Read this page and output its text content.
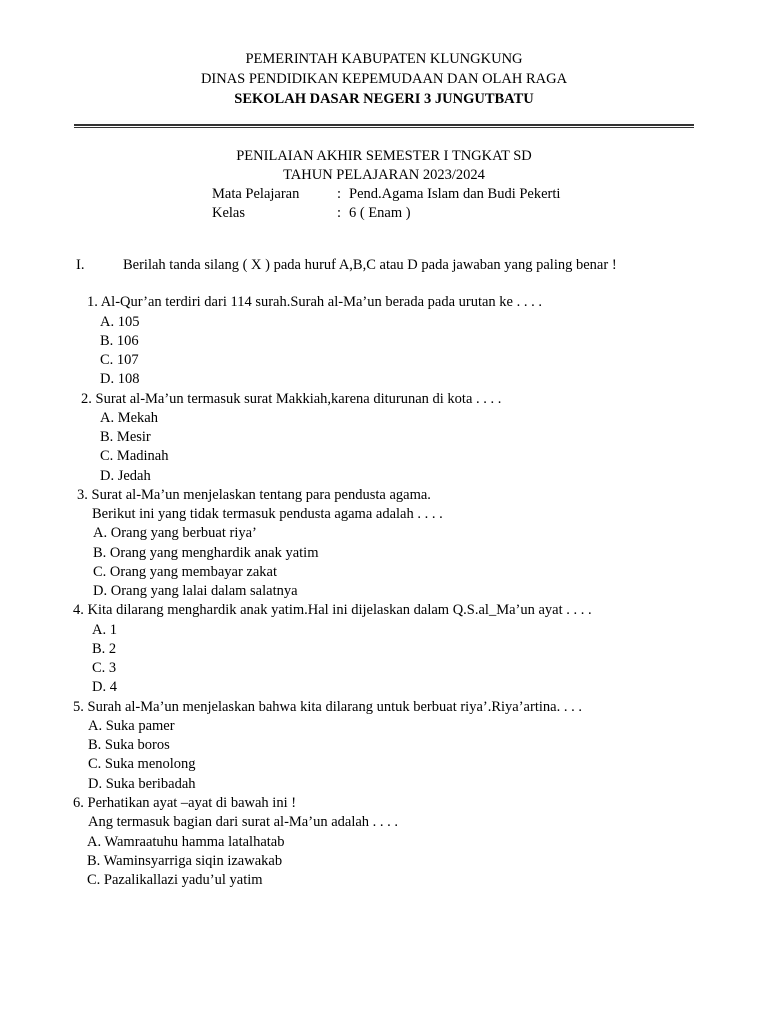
PEMERINTAH KABUPATEN KLUNGKUNG
DINAS PENDIDIKAN KEPEMUDAAN DAN OLAH RAGA
SEKOLAH DASAR NEGERI 3 JUNGUTBATU
PENILAIAN AKHIR SEMESTER I TNGKAT SD
TAHUN PELAJARAN 2023/2024
Mata Pelajaran	: Pend.Agama Islam dan Budi Pekerti
Kelas	: 6 ( Enam )
I.	Berilah tanda silang ( X ) pada huruf A,B,C atau D pada jawaban yang paling benar !
1. Al-Qur’an terdiri dari 114 surah.Surah al-Ma’un berada pada urutan ke . . . .
A. 105
B. 106
C. 107
D. 108
2. Surat al-Ma’un termasuk surat Makkiah,karena diturunan di kota . . . .
A. Mekah
B. Mesir
C. Madinah
D. Jedah
3. Surat al-Ma’un menjelaskan tentang para pendusta agama.
Berikut ini yang tidak termasuk pendusta agama adalah . . . .
A. Orang yang berbuat riya’
B. Orang yang menghardik anak yatim
C. Orang yang membayar zakat
D. Orang yang lalai dalam salatnya
4. Kita dilarang menghardik anak yatim.Hal ini dijelaskan dalam Q.S.al_Ma’un ayat . . . .
A. 1
B. 2
C. 3
D. 4
5. Surah al-Ma’un menjelaskan bahwa kita dilarang untuk berbuat riya’.Riya’artina. . . .
A. Suka pamer
B. Suka boros
C. Suka menolong
D. Suka beribadah
6. Perhatikan ayat –ayat di bawah ini !
Ang termasuk bagian dari surat al-Ma’un adalah . . . .
A. Wamraatuhu hamma latalhatab
B. Waminsyarriga siqin izawakab
C. Pazalikallazi yadu’ul yatim
